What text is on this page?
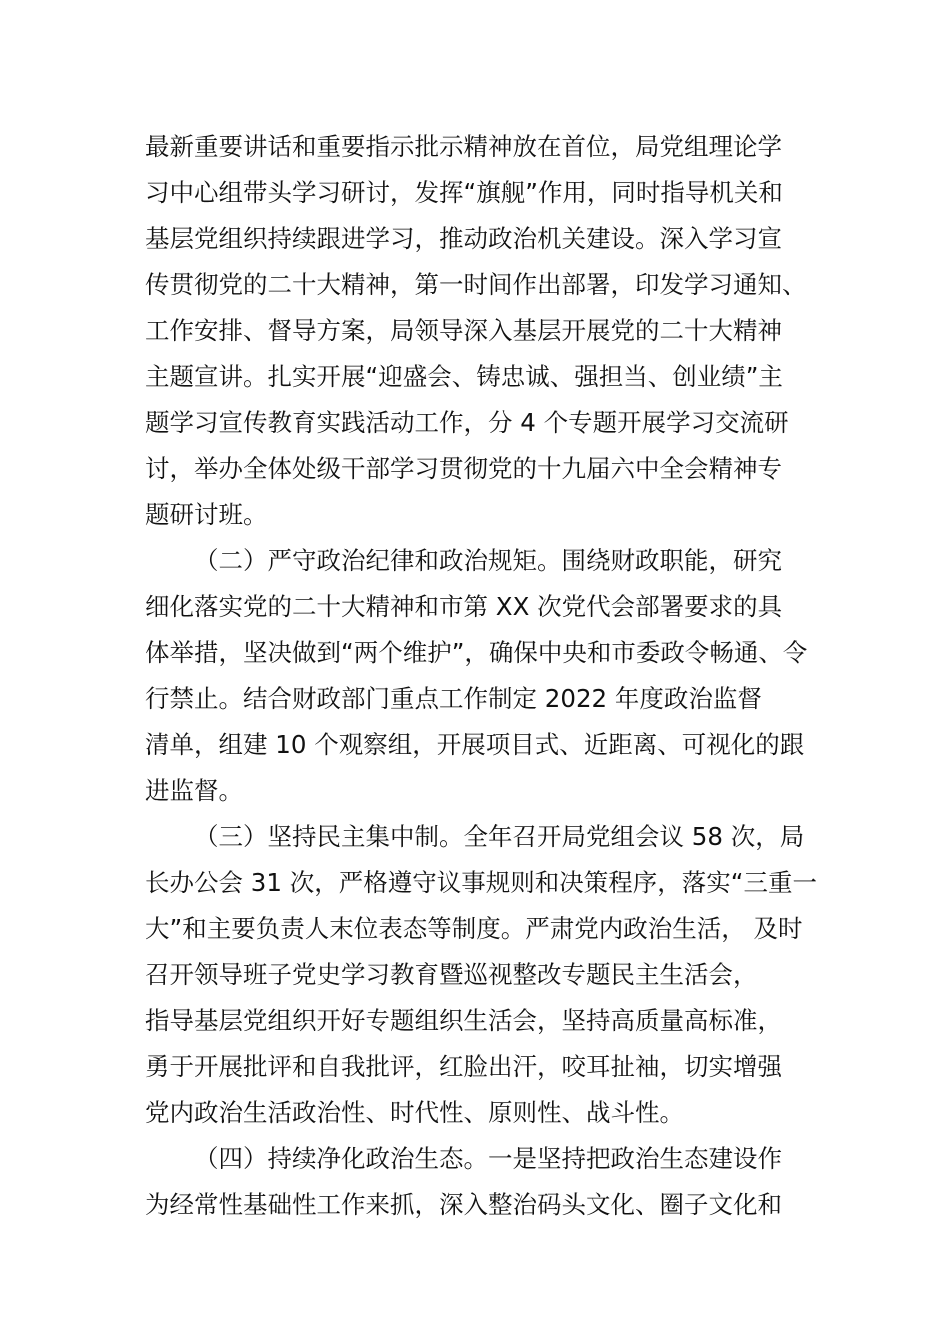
最新重要讲话和重要指示批示精神放在首位，局党组理论学
习中心组带头学习研讨，发挥“旗舰”作用，同时指导机关和
基层党组织持续跟进学习，推动政治机关建设。深入学习宣
传贯彻党的二十大精神，第一时间作出部署，印发学习通知、
工作安排、督导方案，局领导深入基层开展党的二十大精神
主题宣讲。扎实开展“迎盛会、铸忠诚、强担当、创业绩”主
题学习宣传教育实践活动工作，分 4 个专题开展学习交流研
讨，举办全体处级干部学习贯彻党的十九届六中全会精神专
题研讨班。
（二）严守政治纪律和政治规矩。围绕财政职能，研究
细化落实党的二十大精神和市第 XX 次党代会部署要求的具
体举措，坚决做到“两个维护”，确保中央和市委政令畅通、令
行禁止。结合财政部门重点工作制定 2022 年度政治监督
清单，组建 10 个观察组，开展项目式、近距离、可视化的跟
进监督。
（三）坚持民主集中制。全年召开局党组会议 58 次，局
长办公会 31 次，严格遵守议事规则和决策程序，落实“三重一
大”和主要负责人末位表态等制度。严肃党内政治生活， 及时
召开领导班子党史学习教育暨巡视整改专题民主生活会，
指导基层党组织开好专题组织生活会，坚持高质量高标准，
勇于开展批评和自我批评，红脸出汗，咬耳扯袖，切实增强
党内政治生活政治性、时代性、原则性、战斗性。
（四）持续净化政治生态。一是坚持把政治生态建设作
为经常性基础性工作来抓，深入整治码头文化、圈子文化和
